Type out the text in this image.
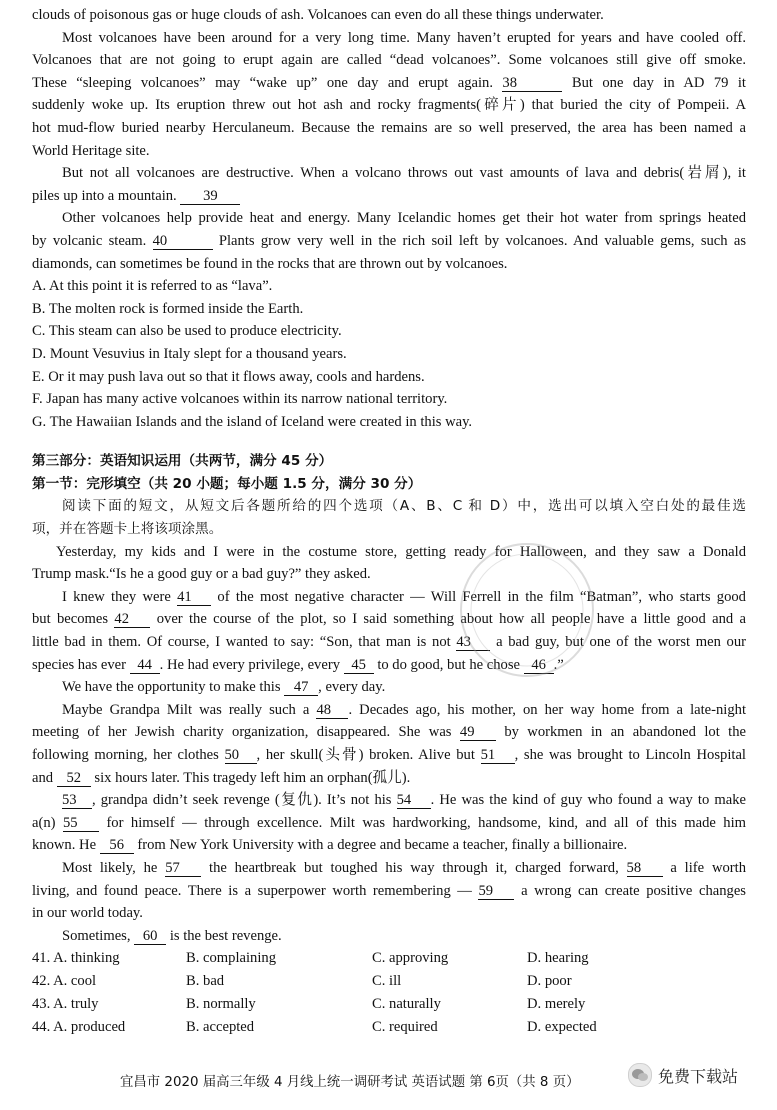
clouds of poisonous gas or huge clouds of ash. Volcanoes can even do all these things underwater.
Most volcanoes have been around for a very long time. Many haven’t erupted for years and have cooled off.
Volcanoes that are not going to erupt again are called “dead volcanoes”. Some volcanoes still give off smoke.
These “sleeping volcanoes” may “wake up” one day and erupt again. 38	But one day in AD 79 it
suddenly woke up. Its eruption threw out hot ash and rocky fragments(碎片) that buried the city of Pompeii. A
hot mud-flow buried nearby Herculaneum. Because the remains are so well preserved, the area has been named a
World Heritage site.
But not all volcanoes are destructive. When a volcano throws out vast amounts of lava and debris(岩屑), it
piles up into a mountain. 39
Other volcanoes help provide heat and energy. Many Icelandic homes get their hot water from springs heated
by volcanic steam. 40	Plants grow very well in the rich soil left by volcanoes. And valuable gems, such as
diamonds, can sometimes be found in the rocks that are thrown out by volcanoes.
A. At this point it is referred to as “lava”.
B. The molten rock is formed inside the Earth.
C. This steam can also be used to produce electricity.
D. Mount Vesuvius in Italy slept for a thousand years.
E. Or it may push lava out so that it flows away, cools and hardens.
F. Japan has many active volcanoes within its narrow national territory.
G. The Hawaiian Islands and the island of Iceland were created in this way.
第三部分：英语知识运用（共两节，满分 45 分）
第一节：完形填空（共 20 小题；每小题 1.5 分，满分 30 分）
阅读下面的短文，从短文后各题所给的四个选项（A、B、C 和 D）中，选出可以填入空白处的最佳选
项，并在答题卡上将该项涂黑。
Yesterday, my kids and I were in the costume store, getting ready for Halloween, and they saw a Donald
Trump mask.“Is he a good guy or a bad guy?” they asked.
I knew they were 41 of the most negative character — Will Ferrell in the film “Batman”, who starts good
but becomes 42 over the course of the plot, so I said something about how all people have a little good and a
little bad in them. Of course, I wanted to say: “Son, that man is not 43 a bad guy, but one of the worst men our
species has ever 44 . He had every privilege, every 45 to do good, but he chose 46 .”
We have the opportunity to make this 47 , every day.
Maybe Grandpa Milt was really such a 48 . Decades ago, his mother, on her way home from a late-night
meeting of her Jewish charity organization, disappeared. She was 49 by workmen in an abandoned lot the
following morning, her clothes 50 , her skull(头骨) broken. Alive but 51 , she was brought to Lincoln Hospital
and 52 six hours later. This tragedy left him an orphan(孤儿).
53 , grandpa didn’t seek revenge (复仇). It’s not his 54 . He was the kind of guy who found a way to make
a(n) 55 for himself — through excellence. Milt was hardworking, handsome, kind, and all of this made him
known. He 56 from New York University with a degree and became a teacher, finally a billionaire.
Most likely, he 57 the heartbreak but toughed his way through it, charged forward, 58 a life worth
living, and found peace. There is a superpower worth remembering — 59 a wrong can create positive changes
in our world today.
Sometimes, 60 is the best revenge.
41. A. thinking	B. complaining	C. approving	D. hearing
42. A. cool	B. bad	C. ill	D. poor
43. A. truly	B. normally	C. naturally	D. merely
44. A. produced	B. accepted	C. required	D. expected
宜昌市 2020 届高三年级 4 月线上统一调研考试 英语试题 第 6页（共 8 页）	免费下载站
